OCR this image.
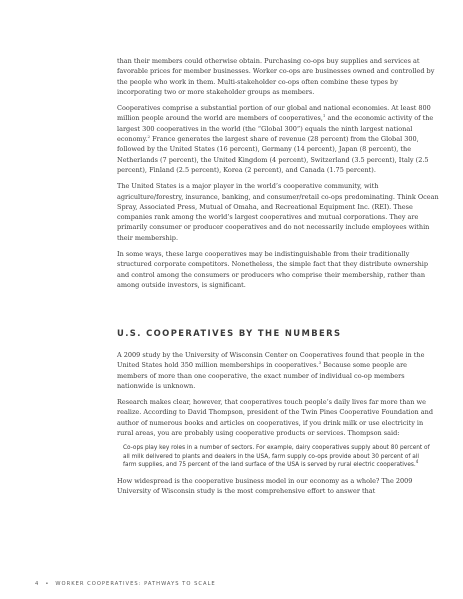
than their members could otherwise obtain. Purchasing co-ops buy supplies and services at favorable prices for member businesses. Worker co-ops are businesses owned and controlled by the people who work in them. Multi-stakeholder co-ops often combine these types by incorporating two or more stakeholder groups as members.

Cooperatives comprise a substantial portion of our global and national economies. At least 800 million people around the world are members of cooperatives,$^1$ and the economic activity of the largest 300 cooperatives in the world (the “Global 300”) equals the ninth largest national economy.$^2$ France generates the largest share of revenue (28 percent) from the Global 300, followed by the United States (16 percent), Germany (14 percent), Japan (8 percent), the Netherlands (7 percent), the United Kingdom (4 percent), Switzerland (3.5 percent), Italy (2.5 percent), Finland (2.5 percent), Korea (2 percent), and Canada (1.75 percent).

The United States is a major player in the world’s cooperative community, with agriculture/forestry, insurance, banking, and consumer/retail co-ops predominating. Think Ocean Spray, Associated Press, Mutual of Omaha, and Recreational Equipment Inc. (REI). These companies rank among the world’s largest cooperatives and mutual corporations. They are primarily consumer or producer cooperatives and do not necessarily include employees within their membership.

In some ways, these large cooperatives may be indistinguishable from their traditionally structured corporate competitors. Nonetheless, the simple fact that they distribute ownership and control among the consumers or producers who comprise their membership, rather than among outside investors, is significant.

U.S. COOPERATIVES BY THE NUMBERS

A 2009 study by the University of Wisconsin Center on Cooperatives found that people in the United States hold 350 million memberships in cooperatives.$^3$ Because some people are members of more than one cooperative, the exact number of individual co-op members nationwide is unknown.

Research makes clear, however, that cooperatives touch people’s daily lives far more than we realize. According to David Thompson, president of the Twin Pines Cooperative Foundation and author of numerous books and articles on cooperatives, if you drink milk or use electricity in rural areas, you are probably using cooperative products or services. Thompson said:

Co-ops play key roles in a number of sectors. For example, dairy cooperatives supply about 80 percent of all milk delivered to plants and dealers in the USA, farm supply co-ops provide about 30 percent of all farm supplies, and 75 percent of the land surface of the USA is served by rural electric cooperatives.$^4$

How widespread is the cooperative business model in our economy as a whole? The 2009 University of Wisconsin study is the most comprehensive effort to answer that

4 • WORKER COOPERATIVES: PATHWAYS TO SCALE
